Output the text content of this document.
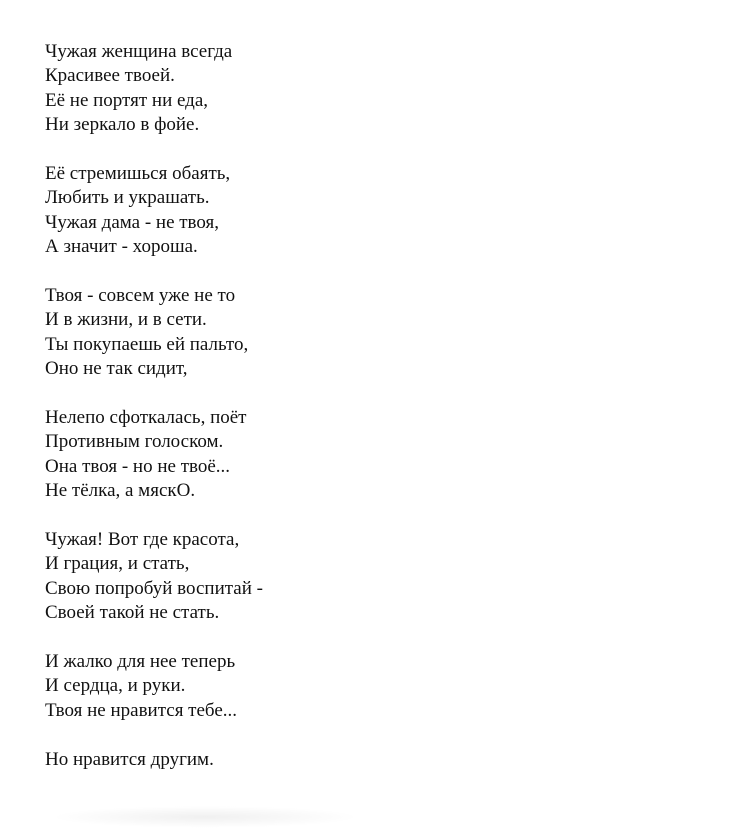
Чужая женщина всегда
Красивее твоей.
Её не портят ни еда,
Ни зеркало в фойе.
Её стремишься обаять,
Любить и украшать.
Чужая дама - не твоя,
А значит - хороша.
Твоя - совсем уже не то
И в жизни, и в сети.
Ты покупаешь ей пальто,
Оно не так сидит,
Нелепо сфоткалась, поёт
Противным голоском.
Она твоя - но не твоё...
Не тёлка, а мяскО.
Чужая! Вот где красота,
И грация, и стать,
Свою попробуй воспитай -
Своей такой не стать.
И жалко для нее теперь
И сердца, и руки.
Твоя не нравится тебе...
Но нравится другим.
